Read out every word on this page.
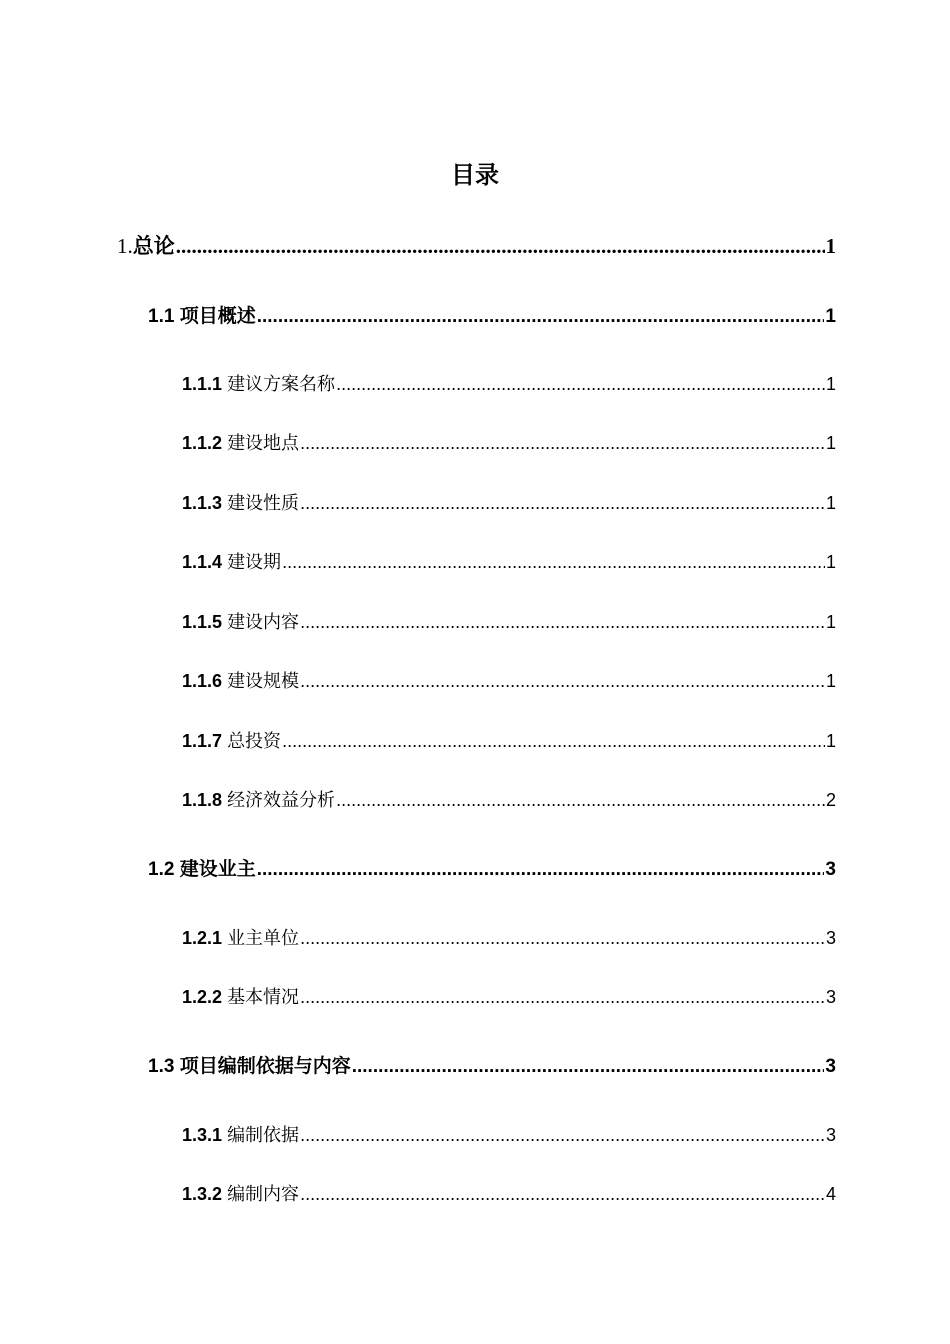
目录
1.总论 .....	1
1.1 项目概述 .....	1
1.1.1 建议方案名称 .....	1
1.1.2 建设地点 .....	1
1.1.3 建设性质 .....	1
1.1.4 建设期 .....	1
1.1.5 建设内容 .....	1
1.1.6 建设规模 .....	1
1.1.7 总投资 .....	1
1.1.8 经济效益分析 .....	2
1.2 建设业主 .....	3
1.2.1 业主单位 .....	3
1.2.2 基本情况 .....	3
1.3 项目编制依据与内容 .....	3
1.3.1 编制依据 .....	3
1.3.2 编制内容 .....	4
